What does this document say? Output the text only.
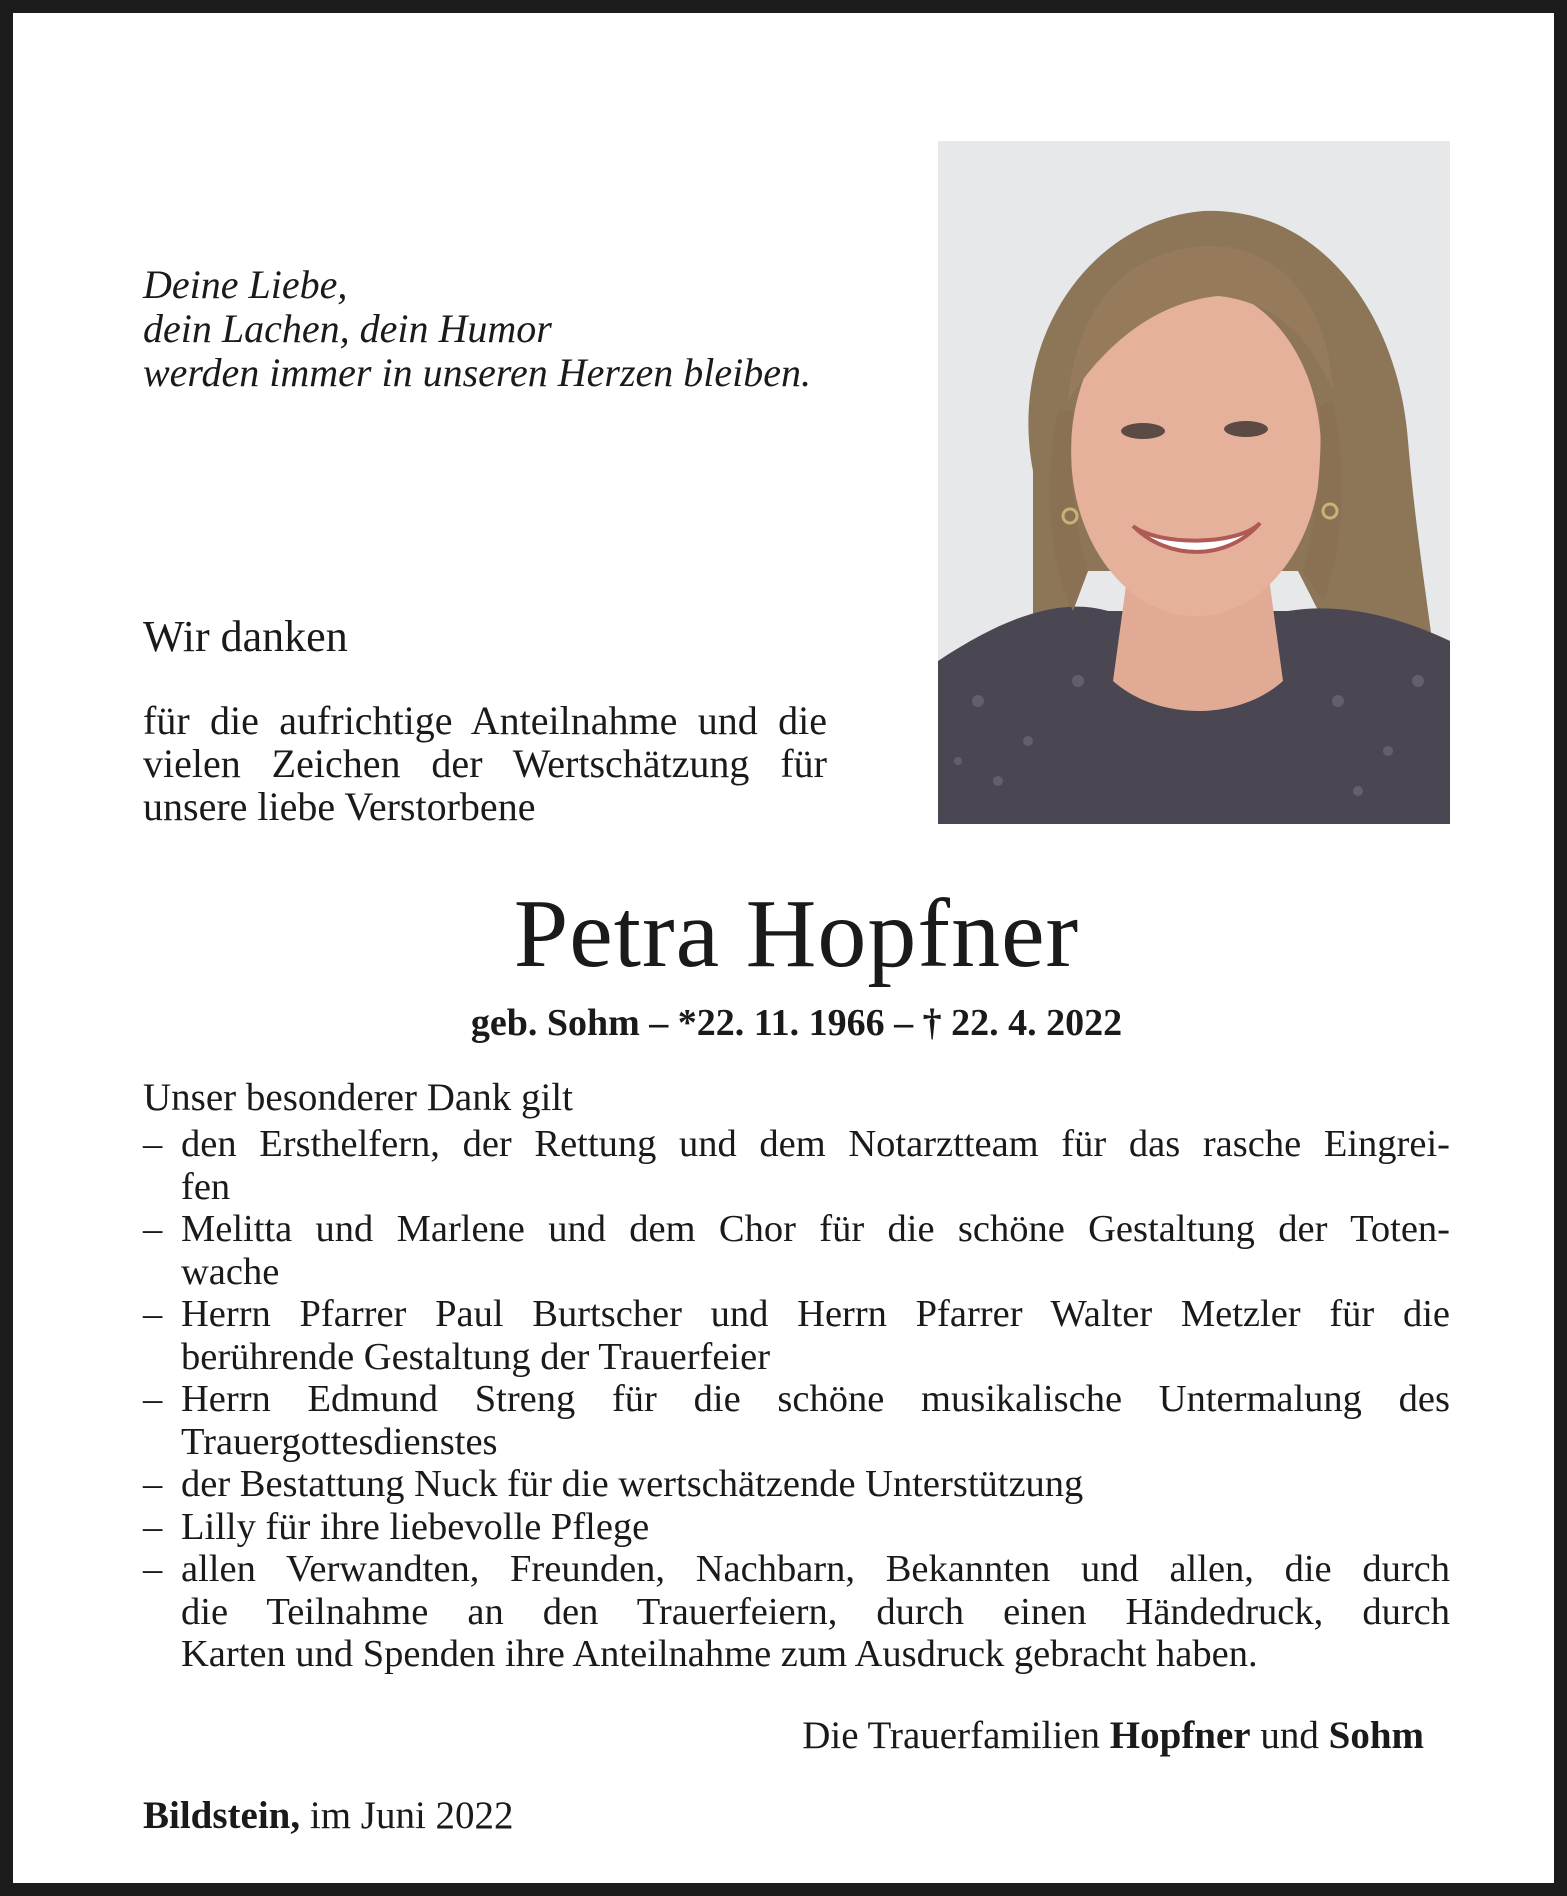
Deine Liebe,
dein Lachen, dein Humor
werden immer in unseren Herzen bleiben.
Wir danken
für die aufrichtige Anteilnahme und die
vielen Zeichen der Wertschätzung für
unsere liebe Verstorbene
Petra Hopfner
geb. Sohm – *22. 11. 1966 – † 22. 4. 2022
Unser besonderer Dank gilt
– den Ersthelfern, der Rettung und dem Notarztteam für das rasche Eingrei-
fen
– Melitta und Marlene und dem Chor für die schöne Gestaltung der Toten-
wache
– Herrn Pfarrer Paul Burtscher und Herrn Pfarrer Walter Metzler für die
berührende Gestaltung der Trauerfeier
– Herrn Edmund Streng für die schöne musikalische Untermalung des
Trauergottesdienstes
– der Bestattung Nuck für die wertschätzende Unterstützung
– Lilly für ihre liebevolle Pflege
– allen Verwandten, Freunden, Nachbarn, Bekannten und allen, die durch
die Teilnahme an den Trauerfeiern, durch einen Händedruck, durch
Karten und Spenden ihre Anteilnahme zum Ausdruck gebracht haben.
Die Trauerfamilien Hopfner und Sohm
Bildstein, im Juni 2022
